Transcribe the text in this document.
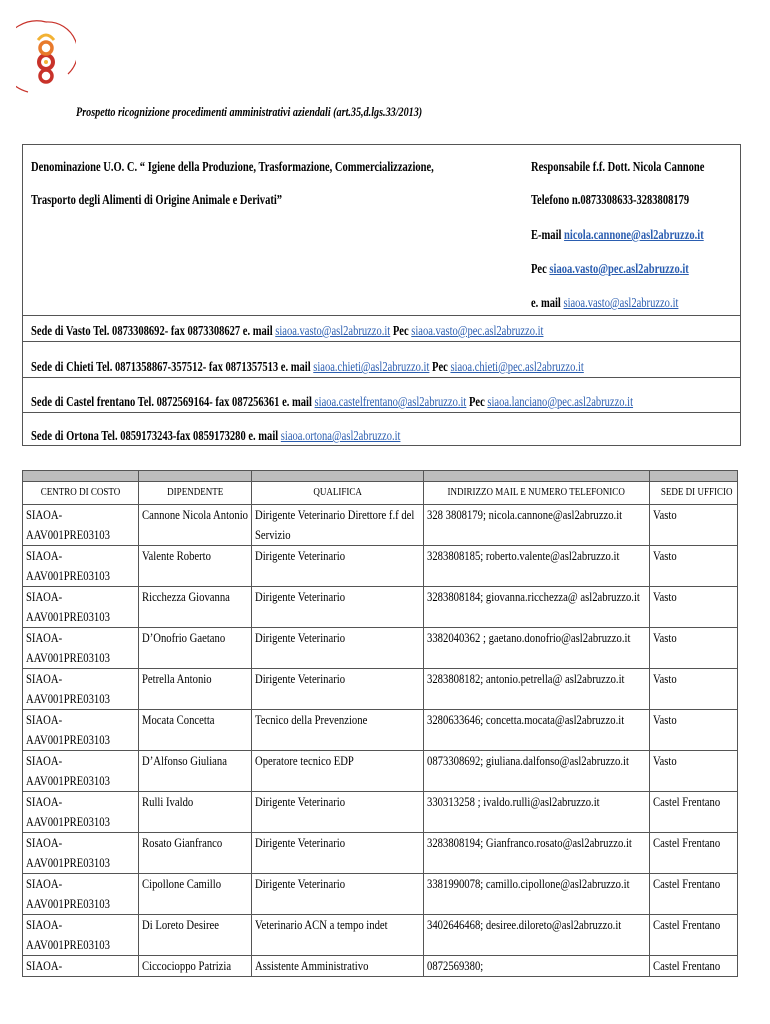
Prospetto ricognizione procedimenti amministrativi aziendali (art.35,d.lgs.33/2013)
Denominazione U.O. C. “ Igiene della Produzione, Trasformazione, Commercializzazione,
Trasporto degli Alimenti di Origine Animale e Derivati”
Responsabile f.f. Dott. Nicola Cannone
Telefono n.0873308633-3283808179
E-mail nicola.cannone@asl2abruzzo.it
Pec siaoa.vasto@pec.asl2abruzzo.it
e. mail siaoa.vasto@asl2abruzzo.it
Sede di Vasto Tel. 0873308692- fax 0873308627 e. mail siaoa.vasto@asl2abruzzo.it Pec siaoa.vasto@pec.asl2abruzzo.it
Sede di Chieti Tel. 0871358867-357512- fax 0871357513 e. mail siaoa.chieti@asl2abruzzo.it Pec siaoa.chieti@pec.asl2abruzzo.it
Sede di Castel frentano Tel. 0872569164- fax 087256361 e. mail siaoa.castelfrentano@asl2abruzzo.it Pec siaoa.lanciano@pec.asl2abruzzo.it
Sede di Ortona Tel. 0859173243-fax 0859173280 e. mail siaoa.ortona@asl2abruzzo.it

CENTRO DI COSTO	DIPENDENTE	QUALIFICA	INDIRIZZO MAIL E NUMERO TELEFONICO	SEDE DI UFFICIO

SIAOA- AAV001PRE03103	Cannone Nicola Antonio	Dirigente Veterinario Direttore f.f del Servizio	328 3808179; nicola.cannone@asl2abruzzo.it	Vasto

SIAOA- AAV001PRE03103	Valente Roberto	Dirigente Veterinario	3283808185; roberto.valente@asl2abruzzo.it	Vasto

SIAOA- AAV001PRE03103	Ricchezza Giovanna	Dirigente Veterinario	3283808184; giovanna.ricchezza@ asl2abruzzo.it	Vasto

SIAOA- AAV001PRE03103	D’Onofrio Gaetano	Dirigente Veterinario	3382040362 ; gaetano.donofrio@asl2abruzzo.it	Vasto

SIAOA- AAV001PRE03103	Petrella Antonio	Dirigente Veterinario	3283808182; antonio.petrella@ asl2abruzzo.it	Vasto

SIAOA- AAV001PRE03103	Mocata Concetta	Tecnico della Prevenzione	3280633646; concetta.mocata@asl2abruzzo.it	Vasto

SIAOA- AAV001PRE03103	D’Alfonso Giuliana	Operatore tecnico EDP	0873308692; giuliana.dalfonso@asl2abruzzo.it	Vasto

SIAOA- AAV001PRE03103	Rulli Ivaldo	Dirigente Veterinario	330313258 ; ivaldo.rulli@asl2abruzzo.it	Castel Frentano

SIAOA- AAV001PRE03103	Rosato Gianfranco	Dirigente Veterinario	3283808194; Gianfranco.rosato@asl2abruzzo.it	Castel Frentano

SIAOA- AAV001PRE03103	Cipollone Camillo	Dirigente Veterinario	3381990078; camillo.cipollone@asl2abruzzo.it	Castel Frentano

SIAOA- AAV001PRE03103	Di Loreto Desiree	Veterinario ACN a tempo indet	3402646468; desiree.diloreto@asl2abruzzo.it	Castel Frentano

SIAOA-	Ciccocioppo Patrizia	Assistente Amministrativo	0872569380;	Castel Frentano
